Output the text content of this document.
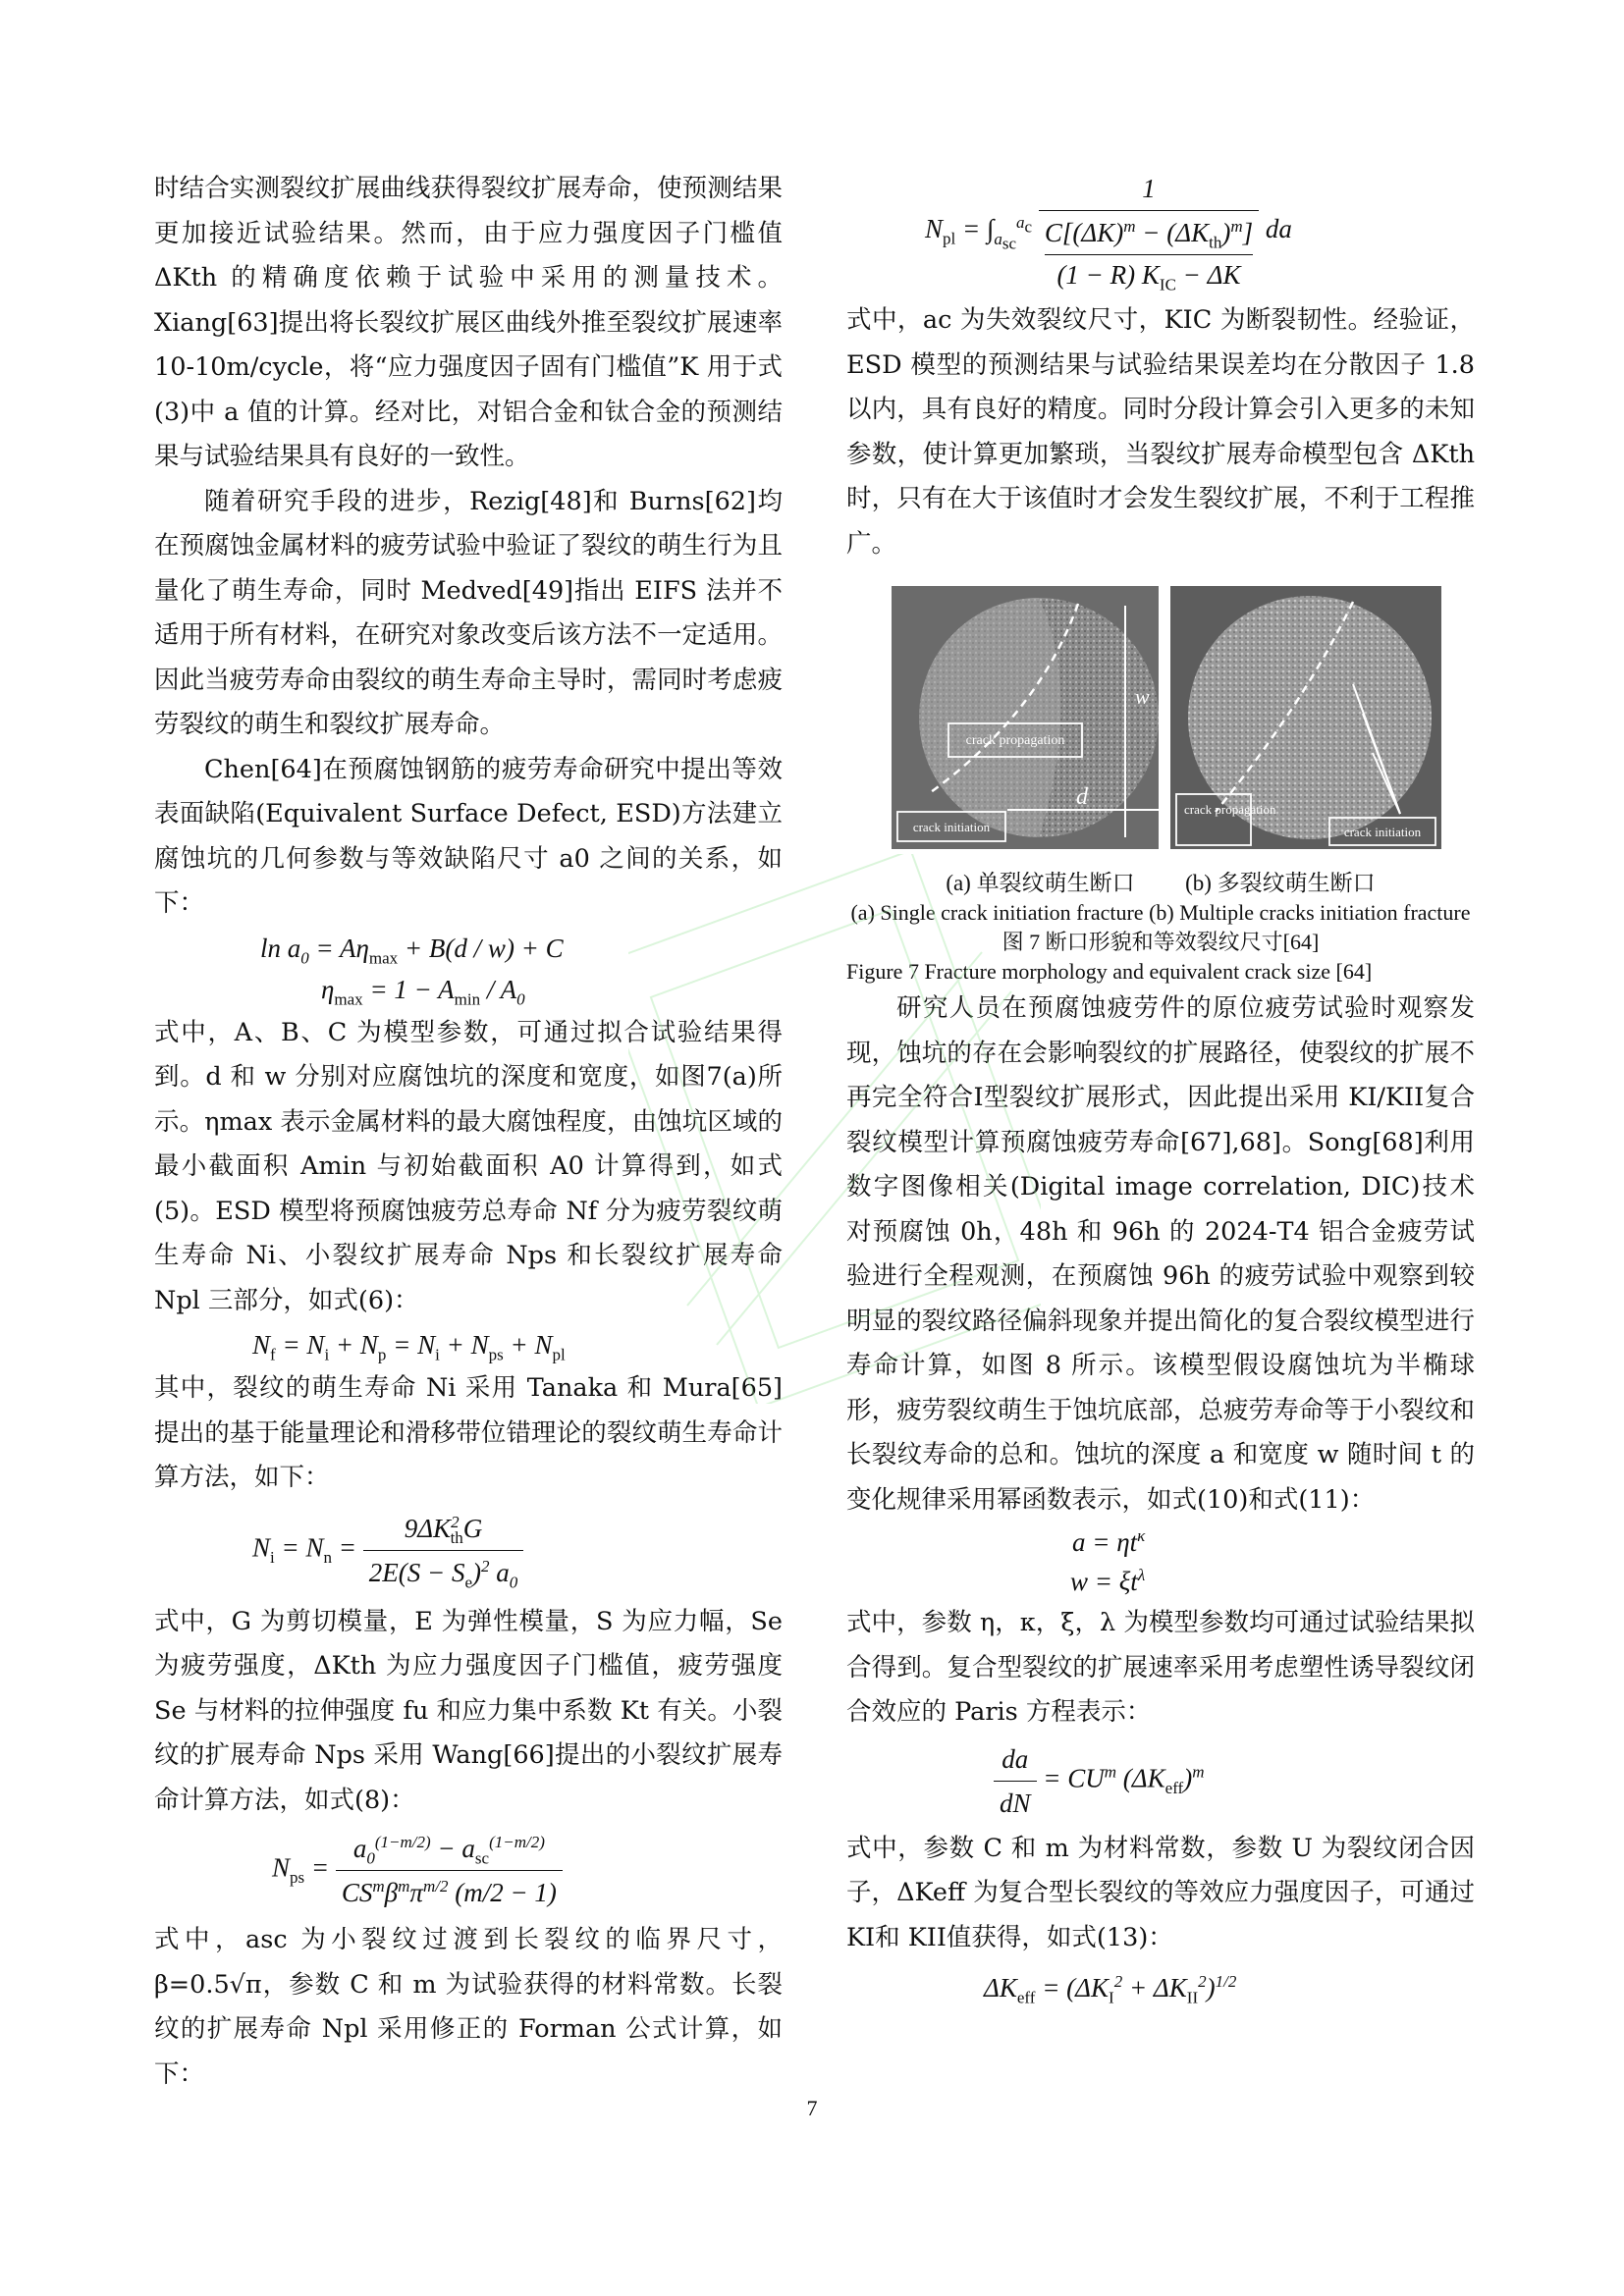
时结合实测裂纹扩展曲线获得裂纹扩展寿命，使预测结果更加接近试验结果。然而，由于应力强度因子门槛值 ΔKth 的精确度依赖于试验中采用的测量技术。Xiang[63]提出将长裂纹扩展区曲线外推至裂纹扩展速率 10-10m/cycle，将“应力强度因子固有门槛值”K 用于式(3)中 a 值的计算。经对比，对铝合金和钛合金的预测结果与试验结果具有良好的一致性。

随着研究手段的进步，Rezig[48]和 Burns[62]均在预腐蚀金属材料的疲劳试验中验证了裂纹的萌生行为且量化了萌生寿命，同时 Medved[49]指出 EIFS 法并不适用于所有材料，在研究对象改变后该方法不一定适用。因此当疲劳寿命由裂纹的萌生寿命主导时，需同时考虑疲劳裂纹的萌生和裂纹扩展寿命。

Chen[64]在预腐蚀钢筋的疲劳寿命研究中提出等效表面缺陷(Equivalent Surface Defect, ESD)方法建立腐蚀坑的几何参数与等效缺陷尺寸 a0 之间的关系，如下：

$\ln a_0 = A\eta_{max} + B(d / w) + C$
$\eta_{max} = 1 - A_{min} / A_0$

式中，A、B、C 为模型参数，可通过拟合试验结果得到。d 和 w 分别对应腐蚀坑的深度和宽度，如图7(a)所示。ηmax 表示金属材料的最大腐蚀程度，由蚀坑区域的最小截面积 Amin 与初始截面积 A0 计算得到，如式(5)。ESD 模型将预腐蚀疲劳总寿命 Nf 分为疲劳裂纹萌生寿命 Ni、小裂纹扩展寿命 Nps 和长裂纹扩展寿命 Npl 三部分，如式(6)：

$N_f = N_i + N_p = N_i + N_{ps} + N_{pl}$

其中，裂纹的萌生寿命 Ni 采用 Tanaka 和 Mura[65]提出的基于能量理论和滑移带位错理论的裂纹萌生寿命计算方法，如下：

$N_i = N_n = \frac{9\Delta K^2_{th}G}{2E(S - S_e)^2 a_0}$

式中，G 为剪切模量，E 为弹性模量，S 为应力幅，Se 为疲劳强度，ΔKth 为应力强度因子门槛值，疲劳强度 Se 与材料的拉伸强度 fu 和应力集中系数 Kt 有关。小裂纹的扩展寿命 Nps 采用 Wang[66]提出的小裂纹扩展寿命计算方法，如式(8)：

$N_{ps} = \frac{a_0^{(1-m/2)} - a_{sc}^{(1-m/2)}}{CS^m\beta^m\pi^{m/2} (m/2 - 1)}$

式中，asc 为小裂纹过渡到长裂纹的临界尺寸，β=0.5√π，参数 C 和 m 为试验获得的材料常数。长裂纹的扩展寿命 Npl 采用修正的 Forman 公式计算，如下：

$N_{pl} = \int_{a_{sc}}^{a_c}$ 1
$C[(\Delta K)^m - (\Delta K_{th})^m]$
(1 − R) $K_{IC} - \Delta K$ da

式中，ac 为失效裂纹尺寸，KIC 为断裂韧性。经验证，ESD 模型的预测结果与试验结果误差均在分散因子 1.8 以内，具有良好的精度。同时分段计算会引入更多的未知参数，使计算更加繁琐，当裂纹扩展寿命模型包含 ΔKth 时，只有在大于该值时才会发生裂纹扩展，不利于工程推广。

crack propagation
crack initiation
w
d	crack propagation
crack initiation
(a) 单裂纹萌生断口 (b) 多裂纹萌生断口
(a) Single crack initiation fracture (b) Multiple cracks initiation fracture
图 7 断口形貌和等效裂纹尺寸[64]
Figure 7 Fracture morphology and equivalent crack size [64]

研究人员在预腐蚀疲劳件的原位疲劳试验时观察发现，蚀坑的存在会影响裂纹的扩展路径，使裂纹的扩展不再完全符合I型裂纹扩展形式，因此提出采用 KI/KII复合裂纹模型计算预腐蚀疲劳寿命[67],68]。Song[68]利用数字图像相关(Digital image correlation, DIC)技术对预腐蚀 0h，48h 和 96h 的 2024-T4 铝合金疲劳试验进行全程观测，在预腐蚀 96h 的疲劳试验中观察到较明显的裂纹路径偏斜现象并提出简化的复合裂纹模型进行寿命计算，如图 8 所示。该模型假设腐蚀坑为半椭球形，疲劳裂纹萌生于蚀坑底部，总疲劳寿命等于小裂纹和长裂纹寿命的总和。蚀坑的深度 a 和宽度 w 随时间 t 的变化规律采用幂函数表示，如式(10)和式(11)：

$a = \eta t^\kappa$
$w = \xi t^\lambda$

式中，参数 η，κ，ξ，λ 为模型参数均可通过试验结果拟合得到。复合型裂纹的扩展速率采用考虑塑性诱导裂纹闭合效应的 Paris 方程表示：

$\frac{da}{dN} = CU^m$ $(\Delta K_{eff})^m$

式中，参数 C 和 m 为材料常数，参数 U 为裂纹闭合因子，ΔKeff 为复合型长裂纹的等效应力强度因子，可通过 KI和 KII值获得，如式(13)：

$\Delta K_{eff} = (\Delta K_I^2 + \Delta K_{II}^2)^{1/2}$
7
